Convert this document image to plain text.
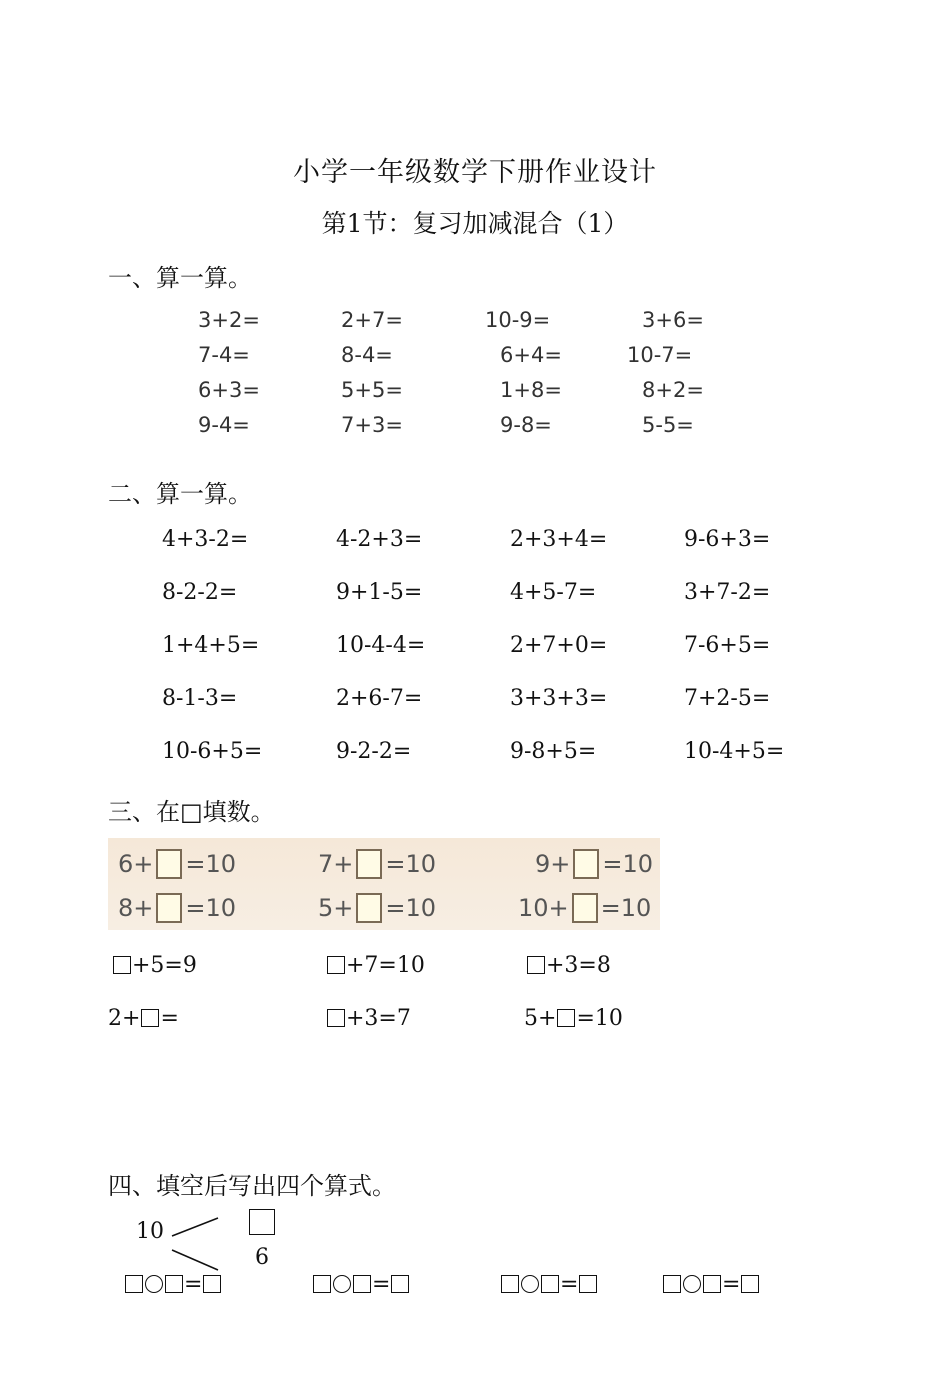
小学一年级数学下册作业设计
第1节：复习加减混合（1）
一、算一算。
3+2=	2+7=	10-9=	3+6=
7-4=	8-4=	6+4=	10-7=
6+3=	5+5=	1+8=	8+2=
9-4=	7+3=	9-8=	5-5=
二、算一算。
4+3-2=	4-2+3=	2+3+4=	9-6+3=
8-2-2=	9+1-5=	4+5-7=	3+7-2=
1+4+5=	10-4-4=	2+7+0=	7-6+5=
8-1-3=	2+6-7=	3+3+3=	7+2-5=
10-6+5=	9-2-2=	9-8+5=	10-4+5=
三、在□填数。
6+ =10	7+ =10	9+ =10
8+ =10	5+ =10	10+ =10
+5=9	+7=10	+3=8
2+ =	+3=7	5+ =10
四、填空后写出四个算式。
10
6
=	=	=	=
